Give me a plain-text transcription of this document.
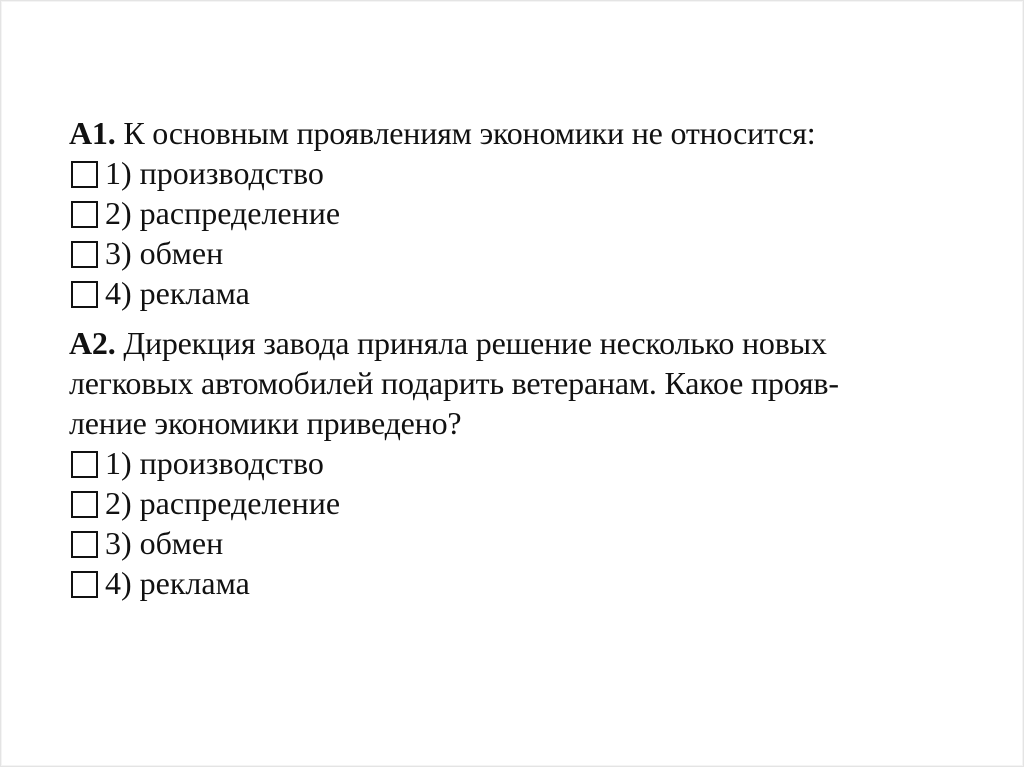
A1. К основным проявлениям экономики не относится:
1) производство
2) распределение
3) обмен
4) реклама
A2. Дирекция завода приняла решение несколько новых
легковых автомобилей подарить ветеранам. Какое прояв-
ление экономики приведено?
1) производство
2) распределение
3) обмен
4) реклама
